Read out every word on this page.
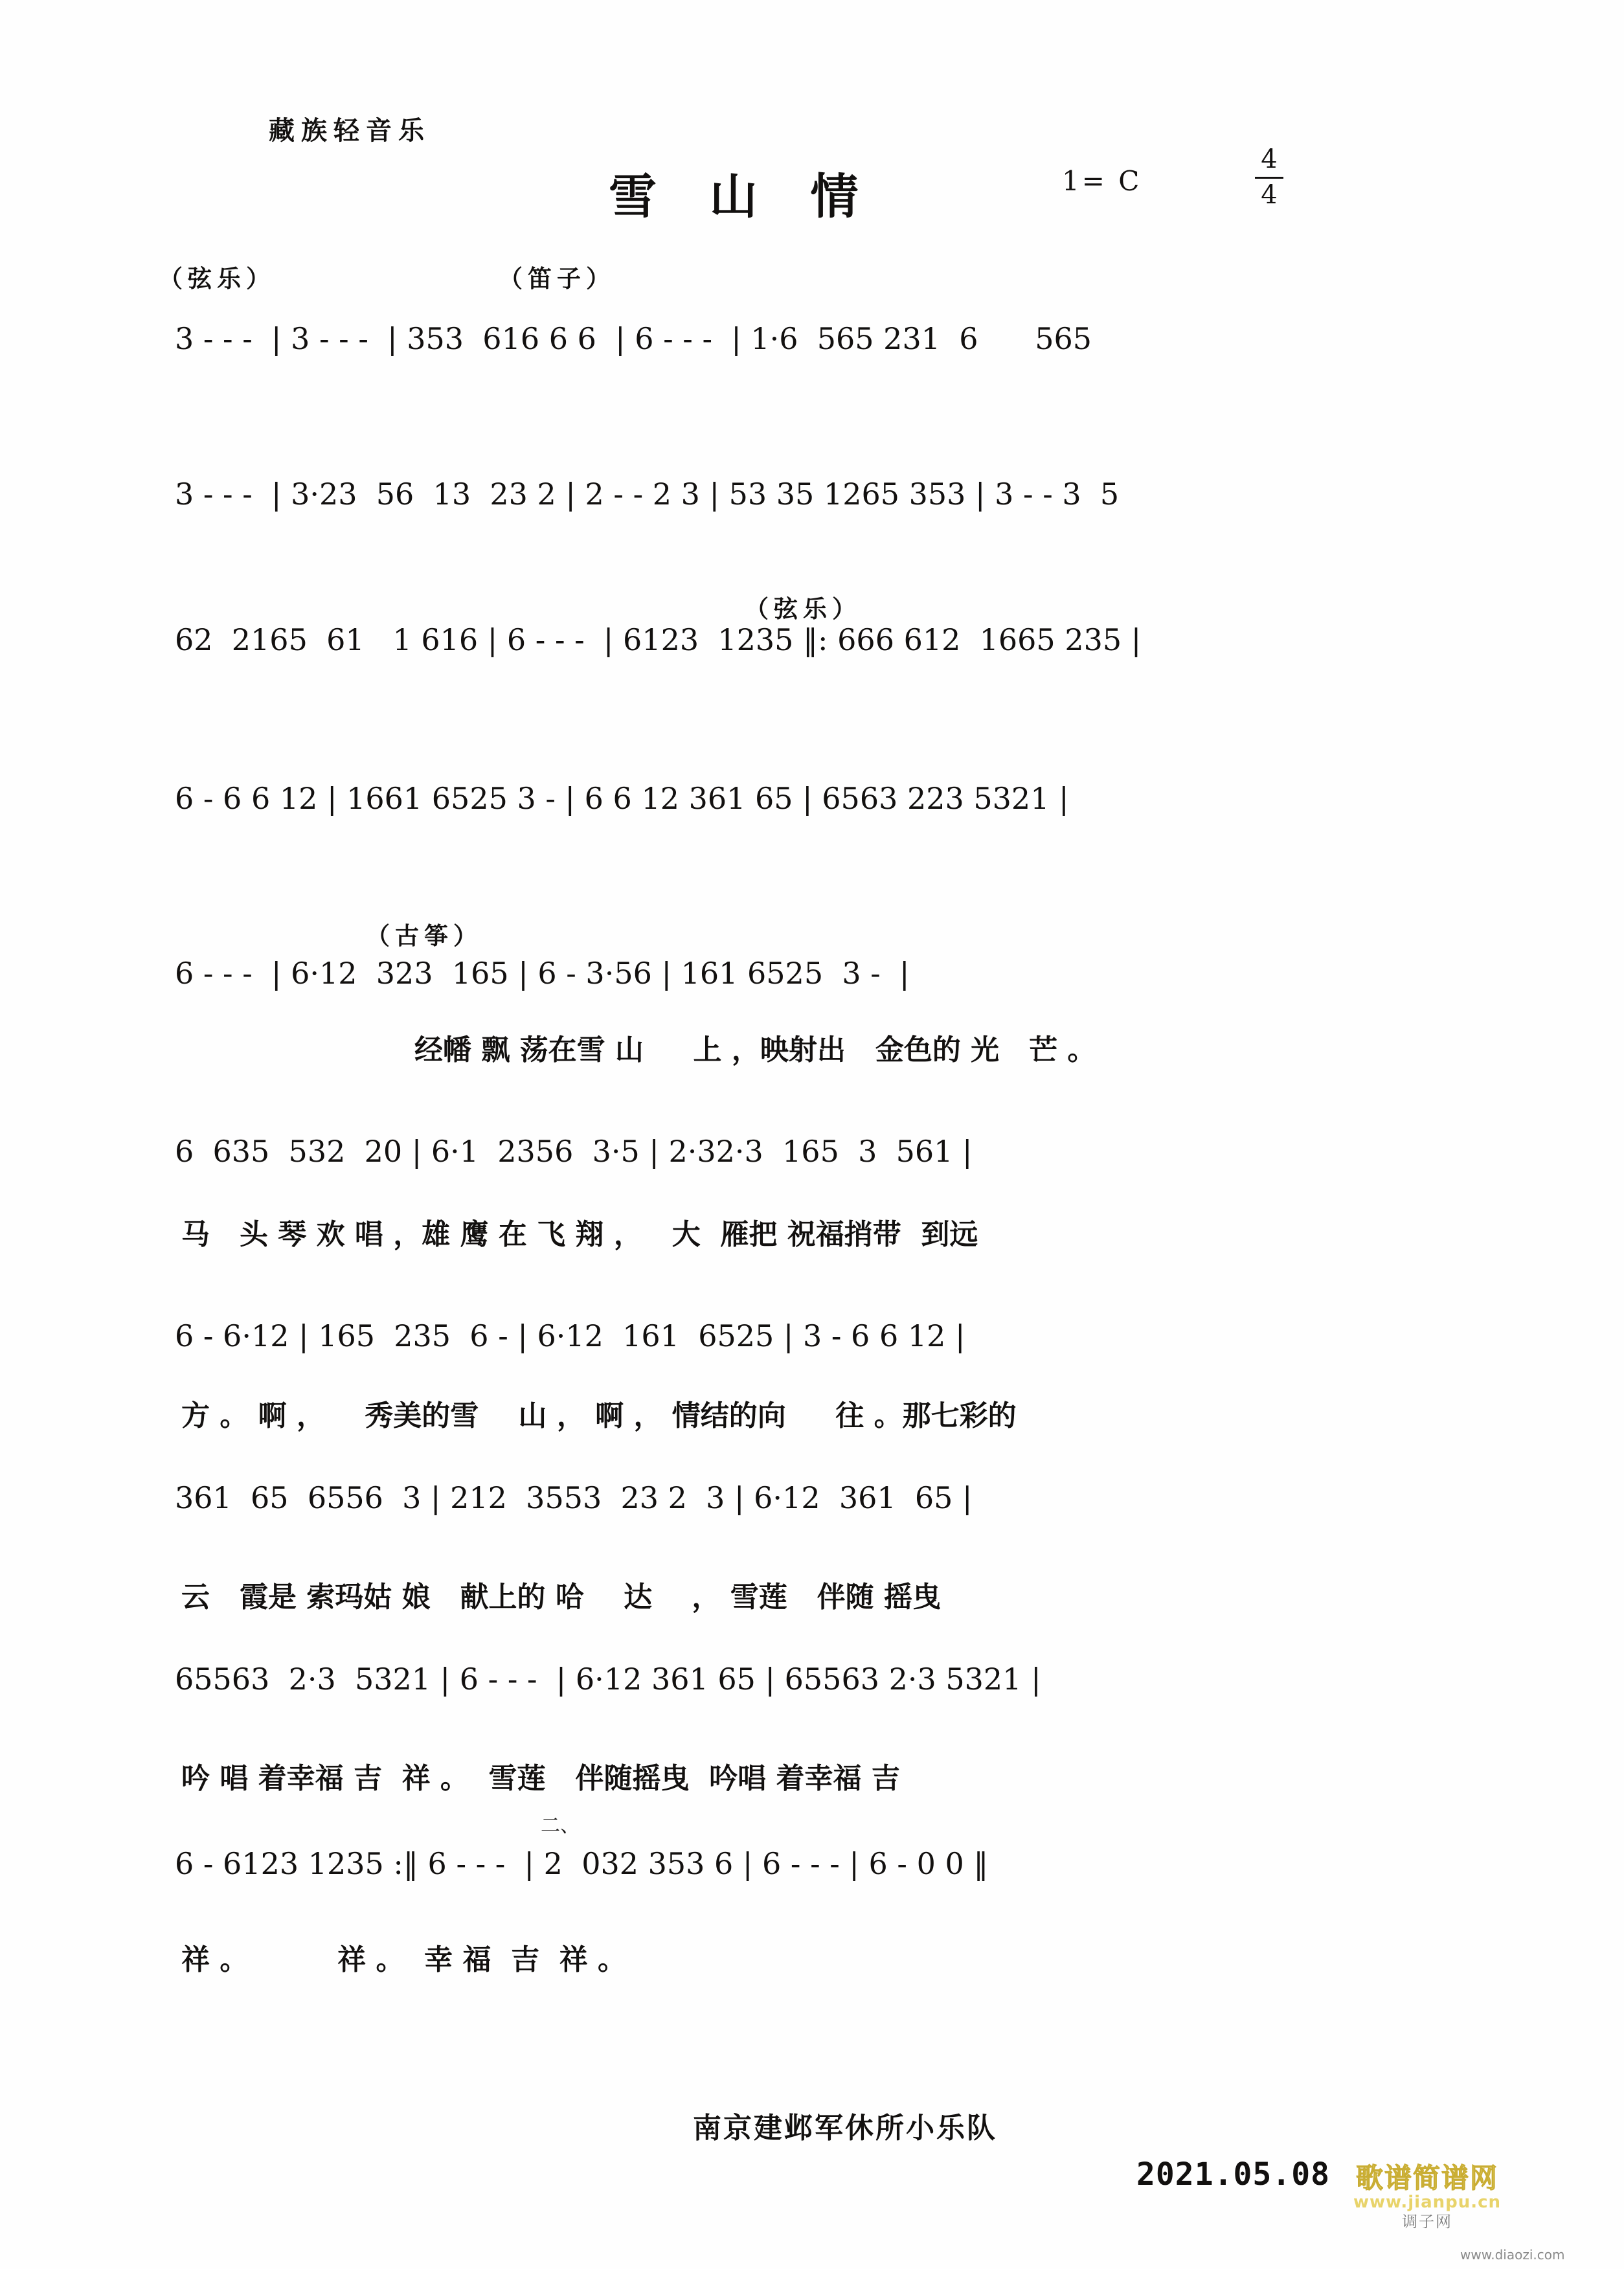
藏族轻音乐
雪 山 情	1= C
4
4
（弦乐）	（笛子）
（弦乐）
（古筝）
3 - - -  | 3 - - -  | 353  616 6 6  | 6 - - -  | 1·6  565 231  6      565
3 - - -  | 3·23  56  13  23 2 | 2 - - 2 3 | 53 35 1265 353 | 3 - - 3  5
62  2165  61   1 616 | 6 - - -  | 6123  1235 ‖: 666 612  1665 235 |
6 - 6 6 12 | 1661 6525 3 - | 6 6 12 361 65 | 6563 223 5321 |
6 - - -  | 6·12  323  165 | 6 - 3·56 | 161 6525  3 -  |
6  635  532  20 | 6·1  2356  3·5 | 2·32·3  165  3  561 |
6 - 6·12 | 165  235  6 - | 6·12  161  6525 | 3 - 6 6 12 |
361  65  6556  3 | 212  3553  23 2  3 | 6·12  361  65 |
65563  2·3  5321 | 6 - - -  | 6·12 361 65 | 65563 2·3 5321 |
6 - 6123 1235 :‖ 6 - - -  | 2  032 353 6 | 6 - - - | 6 - 0 0 ‖
二、
经幡 飘 荡在雪 山     上 ，映射出   金色的 光   芒 。
马   头 琴 欢 唱 ，雄 鹰 在 飞 翔 ，   大  雁把 祝福捎带  到远
方 。 啊 ，    秀美的雪    山 ， 啊 ， 情结的向     往 。那七彩的
云   霞是 索玛姑 娘   献上的 哈    达    ， 雪莲   伴随 摇曳
吟 唱 着幸福 吉  祥 。  雪莲   伴随摇曳  吟唱 着幸福 吉
祥 。         祥 。  幸 福  吉  祥 。
南京建邺军休所小乐队
2021.05.08 歌谱简谱网
www.jianpu.cn
调子网
www.diaozi.com
